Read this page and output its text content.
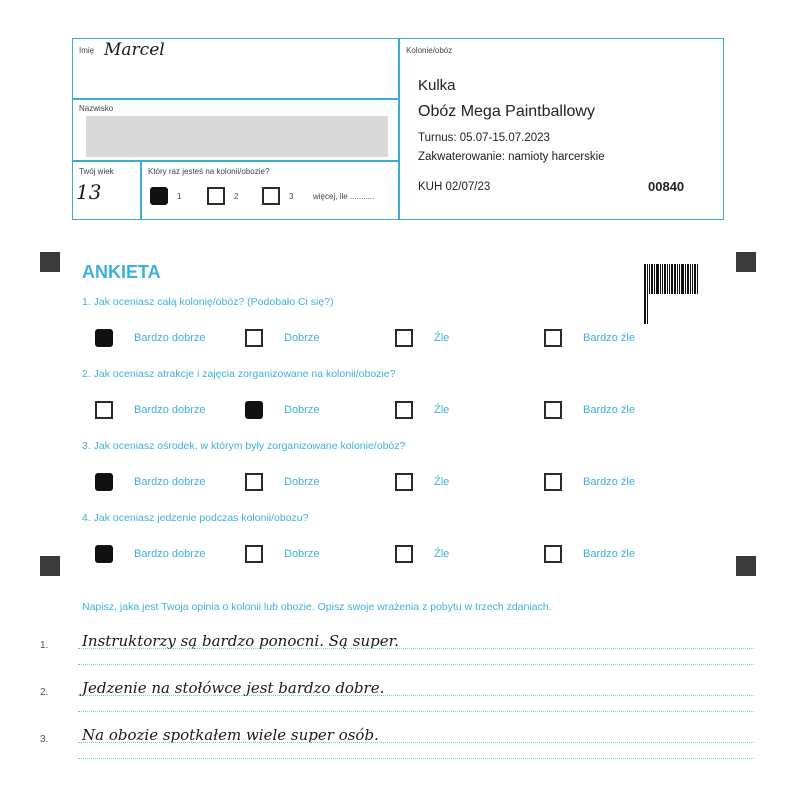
Imię Marcel
Nazwisko
Twój wiek
13
Który raz jesteś na kolonii/obozie?
1	2	3 więcej, ile ...........
Kolonie/obóz
Kulka
Obóz Mega Paintballowy
Turnus: 05.07-15.07.2023
Zakwaterowanie: namioty harcerskie
KUH 02/07/23	00840
ANKIETA
1. Jak oceniasz całą kolonię/obóz? (Podobało Ci się?)
Bardzo dobrze	Dobrze	Źle	Bardzo źle
2. Jak oceniasz atrakcje i zajęcia zorganizowane na kolonii/obozie?
Bardzo dobrze	Dobrze	Źle	Bardzo źle
3. Jak oceniasz ośrodek, w którym były zorganizowane kolonie/obóz?
Bardzo dobrze	Dobrze	Źle	Bardzo źle
4. Jak oceniasz jedzenie podczas kolonii/obozu?
Bardzo dobrze	Dobrze	Źle	Bardzo źle
Napisz, jaka jest Twoja opinia o kolonii lub obozie. Opisz swoje wrażenia z pobytu w trzech zdaniach.
1. Instruktorzy są bardzo ponocni. Są super.
2. Jedzenie na stołówce jest bardzo dobre.
3. Na obozie spotkałem wiele super osób.
